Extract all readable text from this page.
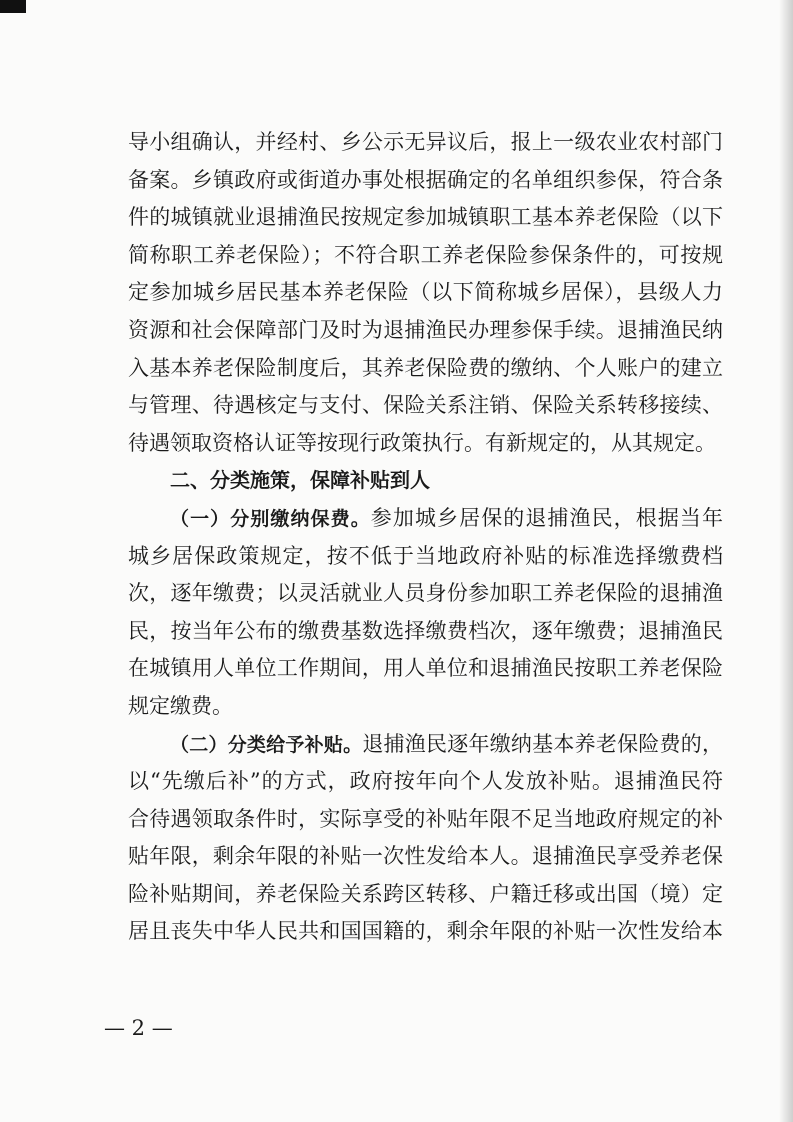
导小组确认，并经村、乡公示无异议后，报上一级农业农村部门
备案。乡镇政府或街道办事处根据确定的名单组织参保，符合条
件的城镇就业退捕渔民按规定参加城镇职工基本养老保险（以下
简称职工养老保险）；不符合职工养老保险参保条件的，可按规
定参加城乡居民基本养老保险（以下简称城乡居保），县级人力
资源和社会保障部门及时为退捕渔民办理参保手续。退捕渔民纳
入基本养老保险制度后，其养老保险费的缴纳、个人账户的建立
与管理、待遇核定与支付、保险关系注销、保险关系转移接续、
待遇领取资格认证等按现行政策执行。有新规定的，从其规定。
二、分类施策，保障补贴到人
（一）分别缴纳保费。参加城乡居保的退捕渔民，根据当年
城乡居保政策规定，按不低于当地政府补贴的标准选择缴费档
次，逐年缴费；以灵活就业人员身份参加职工养老保险的退捕渔
民，按当年公布的缴费基数选择缴费档次，逐年缴费；退捕渔民
在城镇用人单位工作期间，用人单位和退捕渔民按职工养老保险
规定缴费。
（二）分类给予补贴。退捕渔民逐年缴纳基本养老保险费的，
以“先缴后补”的方式，政府按年向个人发放补贴。退捕渔民符
合待遇领取条件时，实际享受的补贴年限不足当地政府规定的补
贴年限，剩余年限的补贴一次性发给本人。退捕渔民享受养老保
险补贴期间，养老保险关系跨区转移、户籍迁移或出国（境）定
居且丧失中华人民共和国国籍的，剩余年限的补贴一次性发给本
— 2 —
